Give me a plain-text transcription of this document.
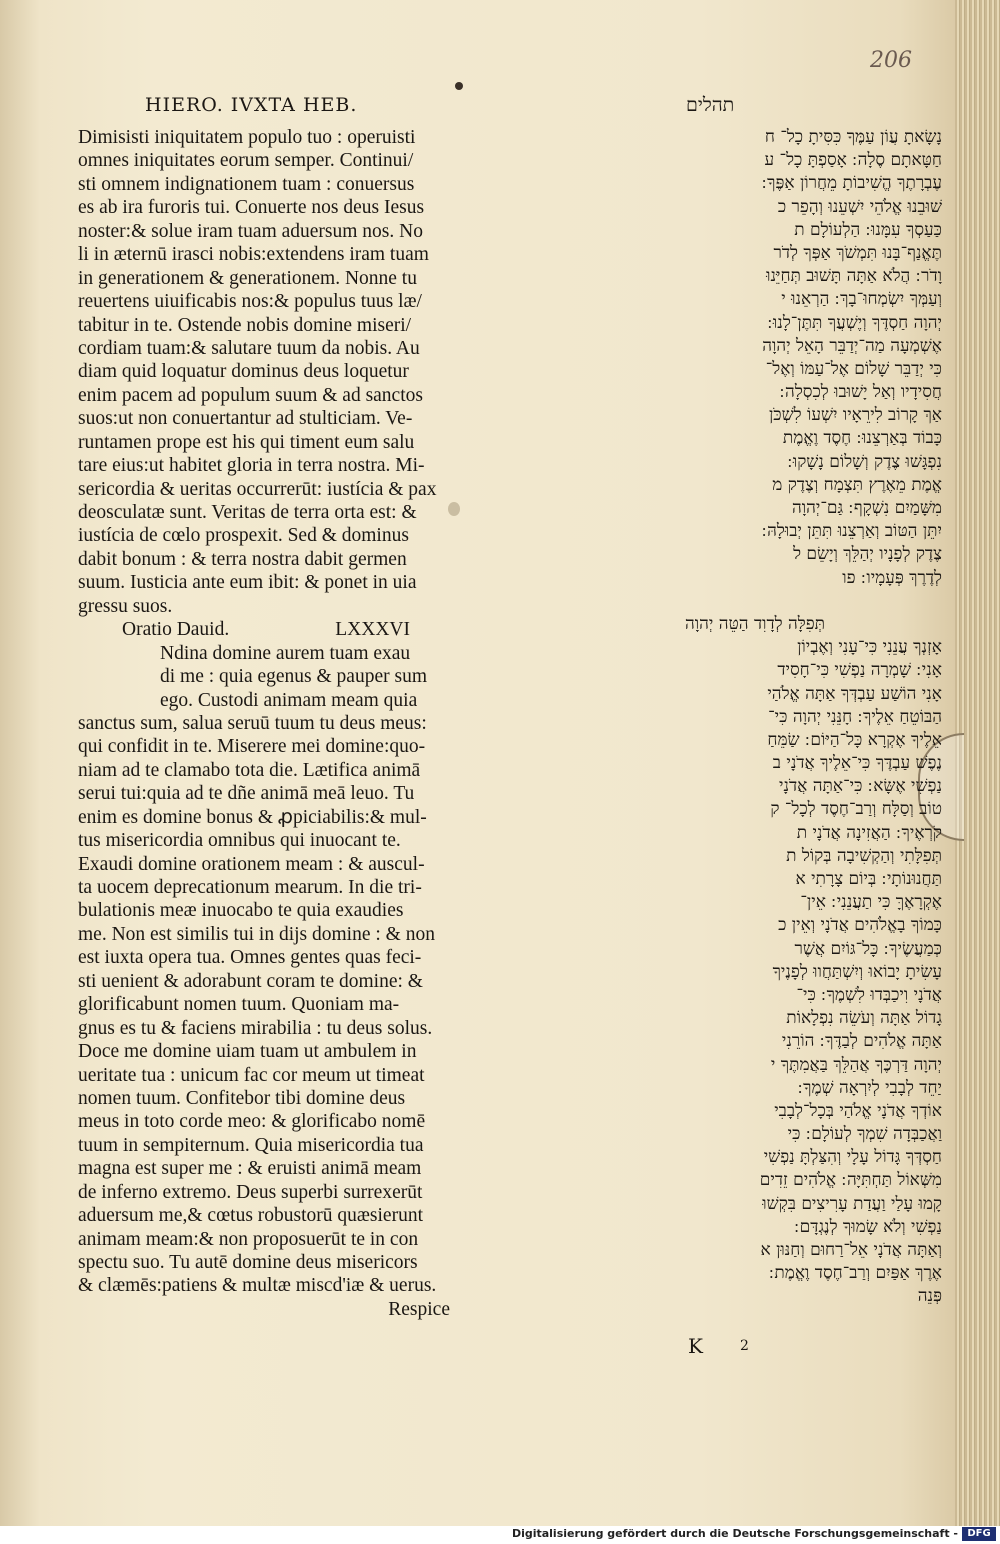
206
HIERO. IVXTA HEB.	תהלים
Dimisisti iniquitatem populo tuo : operuisti
omnes iniquitates eorum semper. Continui/
sti omnem indignationem tuam : conuersus
es ab ira furoris tui. Conuerte nos deus Iesus
noster:& solue iram tuam aduersum nos. No
li in æternū irasci nobis:extendens iram tuam
in generationem & generationem. Nonne tu
reuertens uiuificabis nos:& populus tuus læ/
tabitur in te. Ostende nobis domine miseri/
cordiam tuam:& salutare tuum da nobis. Au
diam quid loquatur dominus deus loquetur
enim pacem ad populum suum & ad sanctos
suos:ut non conuertantur ad stulticiam. Ve-
runtamen prope est his qui timent eum salu
tare eius:ut habitet gloria in terra nostra. Mi-
sericordia & ueritas occurrerūt: iustícia & pax
deosculatæ sunt. Veritas de terra orta est: &
iustícia de cœlo prospexit. Sed & dominus
dabit bonum : & terra nostra dabit germen
suum. Iusticia ante eum ibit: & ponet in uia
gressu suos.
Oratio Dauid.	LXXXVI
Ndina domine aurem tuam exau
di me : quia egenus & pauper sum
ego. Custodi animam meam quia
sanctus sum, salua seruū tuum tu deus meus:
qui confidit in te. Miserere mei domine:quo-
niam ad te clamabo tota die. Lætifica animā
serui tui:quia ad te dñe animā meā leuo. Tu
enim es domine bonus & ꝓpiciabilis:& mul-
tus misericordia omnibus qui inuocant te.
Exaudi domine orationem meam : & auscul-
ta uocem deprecationum mearum. In die tri-
bulationis meæ inuocabo te quia exaudies
me. Non est similis tui in dijs domine : & non
est iuxta opera tua. Omnes gentes quas feci-
sti uenient & adorabunt coram te domine: &
glorificabunt nomen tuum. Quoniam ma-
gnus es tu & faciens mirabilia : tu deus solus.
Doce me domine uiam tuam ut ambulem in
ueritate tua : unicum fac cor meum ut timeat
nomen tuum. Confitebor tibi domine deus
meus in toto corde meo: & glorificabo nomē
tuum in sempiternum. Quia misericordia tua
magna est super me : & eruisti animā meam
de inferno extremo. Deus superbi surrexerūt
aduersum me,& cœtus robustorū quæsierunt
animam meam:& non proposuerūt te in con
spectu suo. Tu autē domine deus misericors
& clæmēs:patiens & multæ miscd'iæ & uerus.
Respice
נָשָׂאתָ עֲוֹן עַמֶּךָ כִּסִּיתָ כָל־ ח
חַטָּאתָם סֶלָה ׃ אָסַפְתָּ כָל־ ע
עֶבְרָתֶךָ הֱשִׁיבוֹתָ מֵחֲרוֹן אַפֶּךָ ׃
שׁוּבֵנוּ אֱלֹהֵי יִשְׁעֵנוּ וְהָפֵר כ
כַּעַסְךָ עִמָּנוּ ׃ הַלְעוֹלָם ת
תֶּאֱנַף־בָּנוּ תִּמְשֹׁךְ אַפְּךָ לְדֹר
וָדֹר ׃ הֲלֹא אַתָּה תָּשׁוּב תְּחַיֵּנוּ
וְעַמְּךָ יִשְׂמְחוּ־בָךְ ׃ הַרְאֵנוּ י
יְהוָה חַסְדֶּךָ וְיֶשְׁעֲךָ תִּתֶּן־לָנוּ ׃
אֶשְׁמְעָה מַה־יְדַבֵּר הָאֵל יְהוָה
כִּי יְדַבֵּר שָׁלוֹם אֶל־עַמּוֹ וְאֶל־
חֲסִידָיו וְאַל יָשׁוּבוּ לְכִסְלָה ׃
אַךְ קָרוֹב לִירֵאָיו יִשְׁעוֹ לִשְׁכֹּן
כָּבוֹד בְּאַרְצֵנוּ ׃ חֶסֶד וֶאֱמֶת
נִפְגָּשׁוּ צֶדֶק וְשָׁלוֹם נָשָׁקוּ ׃
אֱמֶת מֵאֶרֶץ תִּצְמָח וְצֶדֶק מ
מִשָּׁמַיִם נִשְׁקָף ׃ גַּם־יְהוָה
יִתֵּן הַטּוֹב וְאַרְצֵנוּ תִּתֵּן יְבוּלָהּ ׃
צֶדֶק לְפָנָיו יְהַלֵּךְ וְיָשֵׂם ל
לְדֶרֶךְ פְּעָמָיו ׃ פו
תְּפִלָּה לְדָוִד הַטֵּה יְהוָה
אָזְנְךָ עֲנֵנִי כִּי־עָנִי וְאֶבְיוֹן
אָנִי ׃ שָׁמְרָה נַפְשִׁי כִּי־חָסִיד
אָנִי הוֹשַׁע עַבְדְּךָ אַתָּה אֱלֹהַי
הַבּוֹטֵחַ אֵלֶיךָ ׃ חָנֵּנִי יְהוָה כִּי־
אֵלֶיךָ אֶקְרָא כָּל־הַיּוֹם ׃ שַׂמֵּחַ
נֶפֶשׁ עַבְדֶּךָ כִּי־אֵלֶיךָ אֲדֹנָי ב
נַפְשִׁי אֶשָּׂא ׃ כִּי־אַתָּה אֲדֹנָי
טוֹב וְסַלָּח וְרַב־חֶסֶד לְכָל־ ק
קֹרְאֶיךָ ׃ הַאֲזִינָה אֲדֹנָי ת
תְּפִלָּתִי וְהַקְשִׁיבָה בְּקוֹל ת
תַּחֲנוּנוֹתָי ׃ בְּיוֹם צָרָתִי א
אֶקְרָאֶךָּ כִּי תַעֲנֵנִי ׃ אֵין־
כָּמוֹךָ בָאֱלֹהִים אֲדֹנָי וְאֵין כ
כְּמַעֲשֶׂיךָ ׃ כָּל־גּוֹיִם אֲשֶׁר
עָשִׂיתָ יָבוֹאוּ וְיִשְׁתַּחֲווּ לְפָנֶיךָ
אֲדֹנָי וִיכַבְּדוּ לִשְׁמֶךָ ׃ כִּי־
גָדוֹל אַתָּה וְעֹשֵׂה נִפְלָאוֹת
אַתָּה אֱלֹהִים לְבַדֶּךָ ׃ הוֹרֵנִי
יְהוָה דַּרְכֶּךָ אֲהַלֵּךְ בַּאֲמִתֶּךָ י
יַחֵד לְבָבִי לְיִרְאָה שְׁמֶךָ ׃
אוֹדְךָ אֲדֹנָי אֱלֹהַי בְּכָל־לְבָבִי
וַאֲכַבְּדָה שִׁמְךָ לְעוֹלָם ׃ כִּי
חַסְדְּךָ גָּדוֹל עָלָי וְהִצַּלְתָּ נַפְשִׁי
מִשְּׁאוֹל תַּחְתִּיָּה ׃ אֱלֹהִים זֵדִים
קָמוּ עָלַי וַעֲדַת עָרִיצִים בִּקְשׁוּ
נַפְשִׁי וְלֹא שָׂמוּךָ לְנֶגְדָּם ׃
וְאַתָּה אֲדֹנָי אֵל־רַחוּם וְחַנּוּן א
אֶרֶךְ אַפַּיִם וְרַב־חֶסֶד וֶאֱמֶת ׃
פְּנֵה
K	2
Digitalisierung gefördert durch die Deutsche Forschungsgemeinschaft - DFG
